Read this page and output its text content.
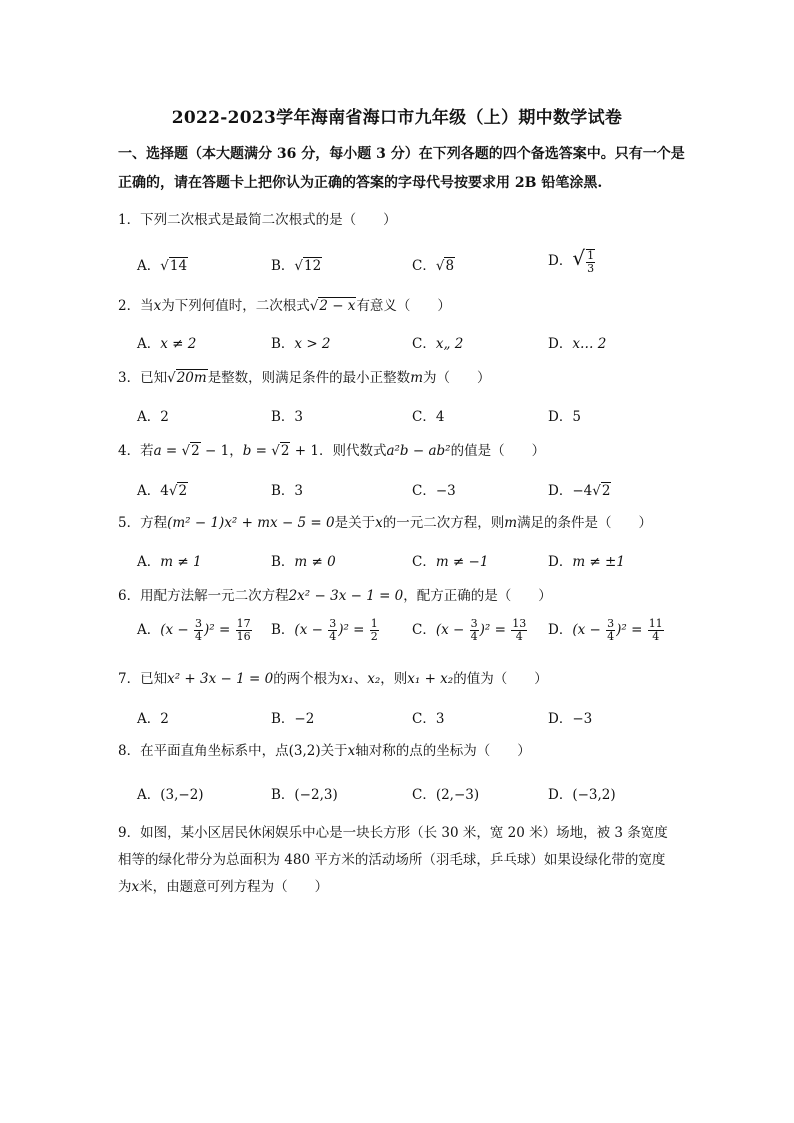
2022-2023学年海南省海口市九年级（上）期中数学试卷
一、选择题（本大题满分 36 分，每小题 3 分）在下列各题的四个备选答案中。只有一个是
正确的，请在答题卡上把你认为正确的答案的字母代号按要求用 2B 铅笔涂黑.
1．下列二次根式是最简二次根式的是（　　）
A．√14	B．√12	C．√8	D．√ $\frac{1}{3}$
2．当x为下列何值时，二次根式√2 − x有意义（　　）
A．x ≠ 2	B．x > 2	C．x„ 2	D．x… 2
3．已知√20m是整数，则满足条件的最小正整数m为（　　）
A．2	B．3	C．4	D．5
4．若a = √2 − 1，b = √2 + 1．则代数式a²b − ab²的值是（　　）
A．4√2	B．3	C．−3	D．−4√2
5．方程(m² − 1)x² + mx − 5 = 0是关于x的一元二次方程，则m满足的条件是（　　）
A．m ≠ 1	B．m ≠ 0	C．m ≠ −1	D．m ≠ ±1
6．用配方法解一元二次方程2x² − 3x − 1 = 0，配方正确的是（　　）
A．$(x - \frac{3}{4} )^2 = \frac{17}{16}$ B．$(x - \frac{3}{4} )^2 = \frac{1}{2}$ C．$(x - \frac{3}{4} )^2 = \frac{13}{4}$ D．$(x - \frac{3}{4} )^2 = \frac{11}{4}$
7．已知x² + 3x − 1 = 0的两个根为x₁、x₂，则x₁ + x₂的值为（　　）
A．2	B．−2	C．3	D．−3
8．在平面直角坐标系中，点(3,2)关于x轴对称的点的坐标为（　　）
A．(3,−2)	B．(−2,3)	C．(2,−3)	D．(−3,2)
9．如图，某小区居民休闲娱乐中心是一块长方形（长 30 米，宽 20 米）场地，被 3 条宽度
相等的绿化带分为总面积为 480 平方米的活动场所（羽毛球，乒乓球）如果设绿化带的宽度
为x米，由题意可列方程为（　　）
